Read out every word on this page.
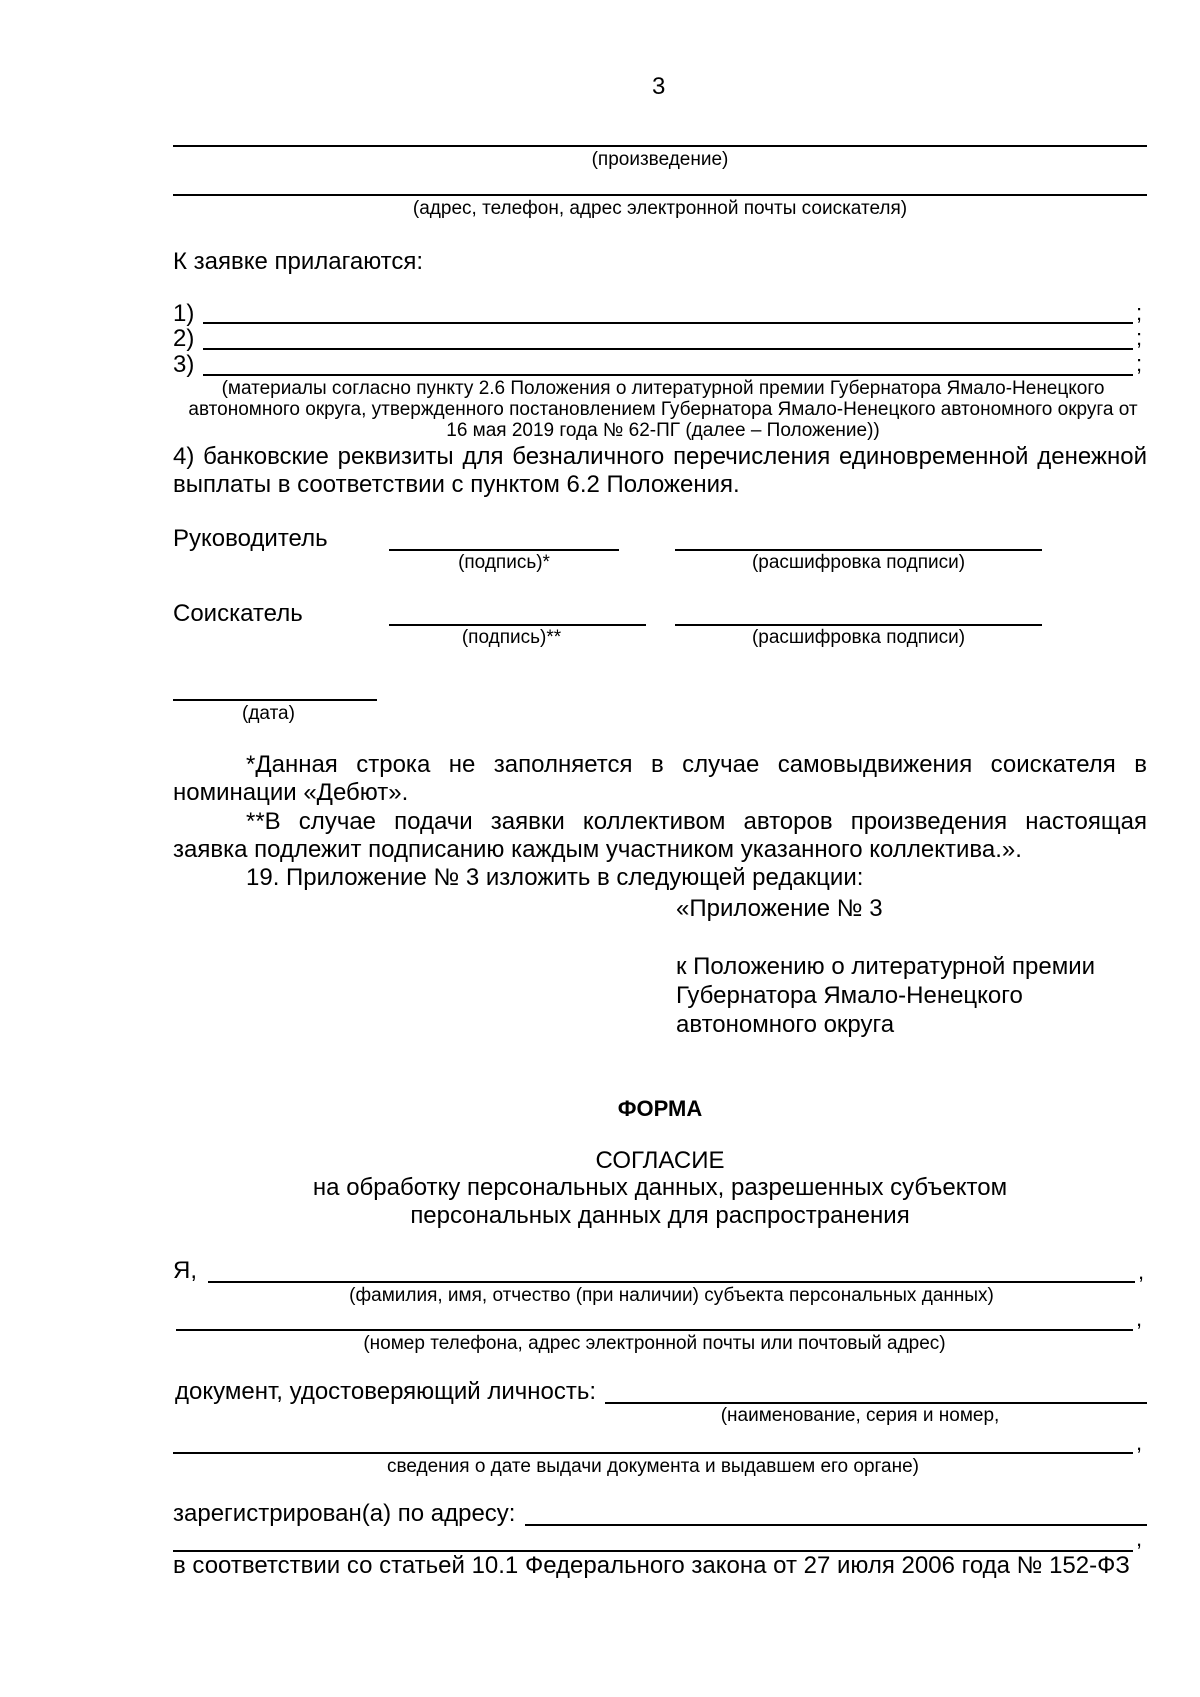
3
(произведение)
(адрес, телефон, адрес электронной почты соискателя)
К заявке прилагаются:
1)	;
2)	;
3)	;
(материалы согласно пункту 2.6 Положения о литературной премии Губернатора Ямало-Ненецкого автономного округа, утвержденного постановлением Губернатора Ямало-Ненецкого автономного округа от 16 мая 2019 года № 62-ПГ (далее – Положение))
4) банковские реквизиты для безналичного перечисления единовременной денежной выплаты в соответствии с пунктом 6.2 Положения.
Руководитель
(подпись)*	(расшифровка подписи)
Соискатель
(подпись)**	(расшифровка подписи)
(дата)
*Данная строка не заполняется в случае самовыдвижения соискателя в номинации «Дебют».
**В случае подачи заявки коллективом авторов произведения настоящая заявка подлежит подписанию каждым участником указанного коллектива.».
19. Приложение № 3 изложить в следующей редакции:
«Приложение № 3
к Положению о литературной премии
Губернатора Ямало-Ненецкого
автономного округа
ФОРМА
СОГЛАСИЕ
на обработку персональных данных, разрешенных субъектом
персональных данных для распространения
Я,	,
(фамилия, имя, отчество (при наличии) субъекта персональных данных)
,
(номер телефона, адрес электронной почты или почтовый адрес)
документ, удостоверяющий личность:
(наименование, серия и номер,
,
сведения о дате выдачи документа и выдавшем его органе)
зарегистрирован(а) по адресу:
,
в соответствии со статьей 10.1 Федерального закона от 27 июля 2006 года № 152-ФЗ
